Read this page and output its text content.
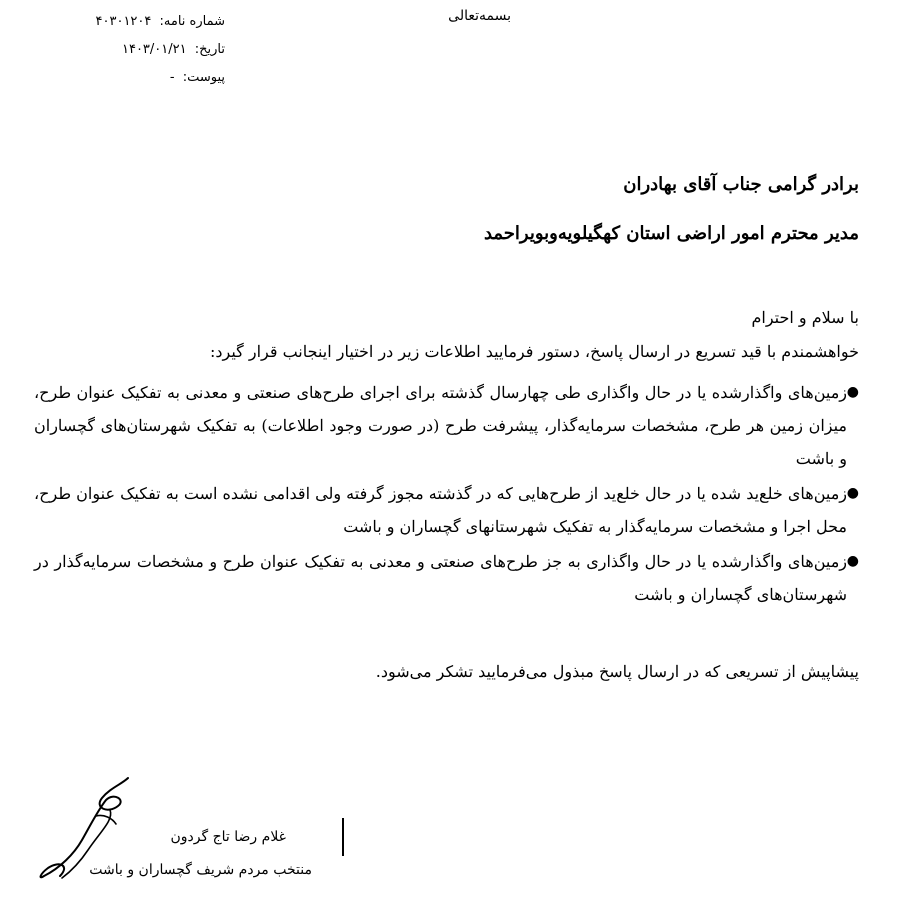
بسمه‌تعالی
شماره نامه: ۴۰۳۰۱۲۰۴
تاریخ: ۱۴۰۳/۰۱/۲۱
پیوست: -
برادر گرامی جناب آقای بهادران
مدیر محترم امور اراضی استان کهگیلویه‌وبویراحمد
با سلام و احترام
خواهشمندم با قید تسریع در ارسال پاسخ، دستور فرمایید اطلاعات زیر در اختیار اینجانب قرار گیرد:
●
زمین‌های واگذارشده یا در حال واگذاری طی چهارسال گذشته برای اجرای طرح‌های صنعتی و معدنی به تفکیک عنوان طرح، میزان زمین هر طرح، مشخصات سرمایه‌گذار، پیشرفت طرح (در صورت وجود اطلاعات) به تفکیک شهرستان‌های گچساران و باشت
●
زمین‌های خلع‌ید شده یا در حال خلع‌ید از طرح‌هایی که در گذشته مجوز گرفته ولی اقدامی نشده است به تفکیک عنوان طرح، محل اجرا و مشخصات سرمایه‌گذار به تفکیک شهرستانهای گچساران و باشت
●
زمین‌های واگذارشده یا در حال واگذاری به جز طرح‌های صنعتی و معدنی به تفکیک عنوان طرح و مشخصات سرمایه‌گذار در شهرستان‌های گچساران و باشت
پیشاپیش از تسریعی که در ارسال پاسخ مبذول می‌فرمایید تشکر می‌شود.
غلام رضا تاج گردون
منتخب مردم شریف گچساران و باشت
